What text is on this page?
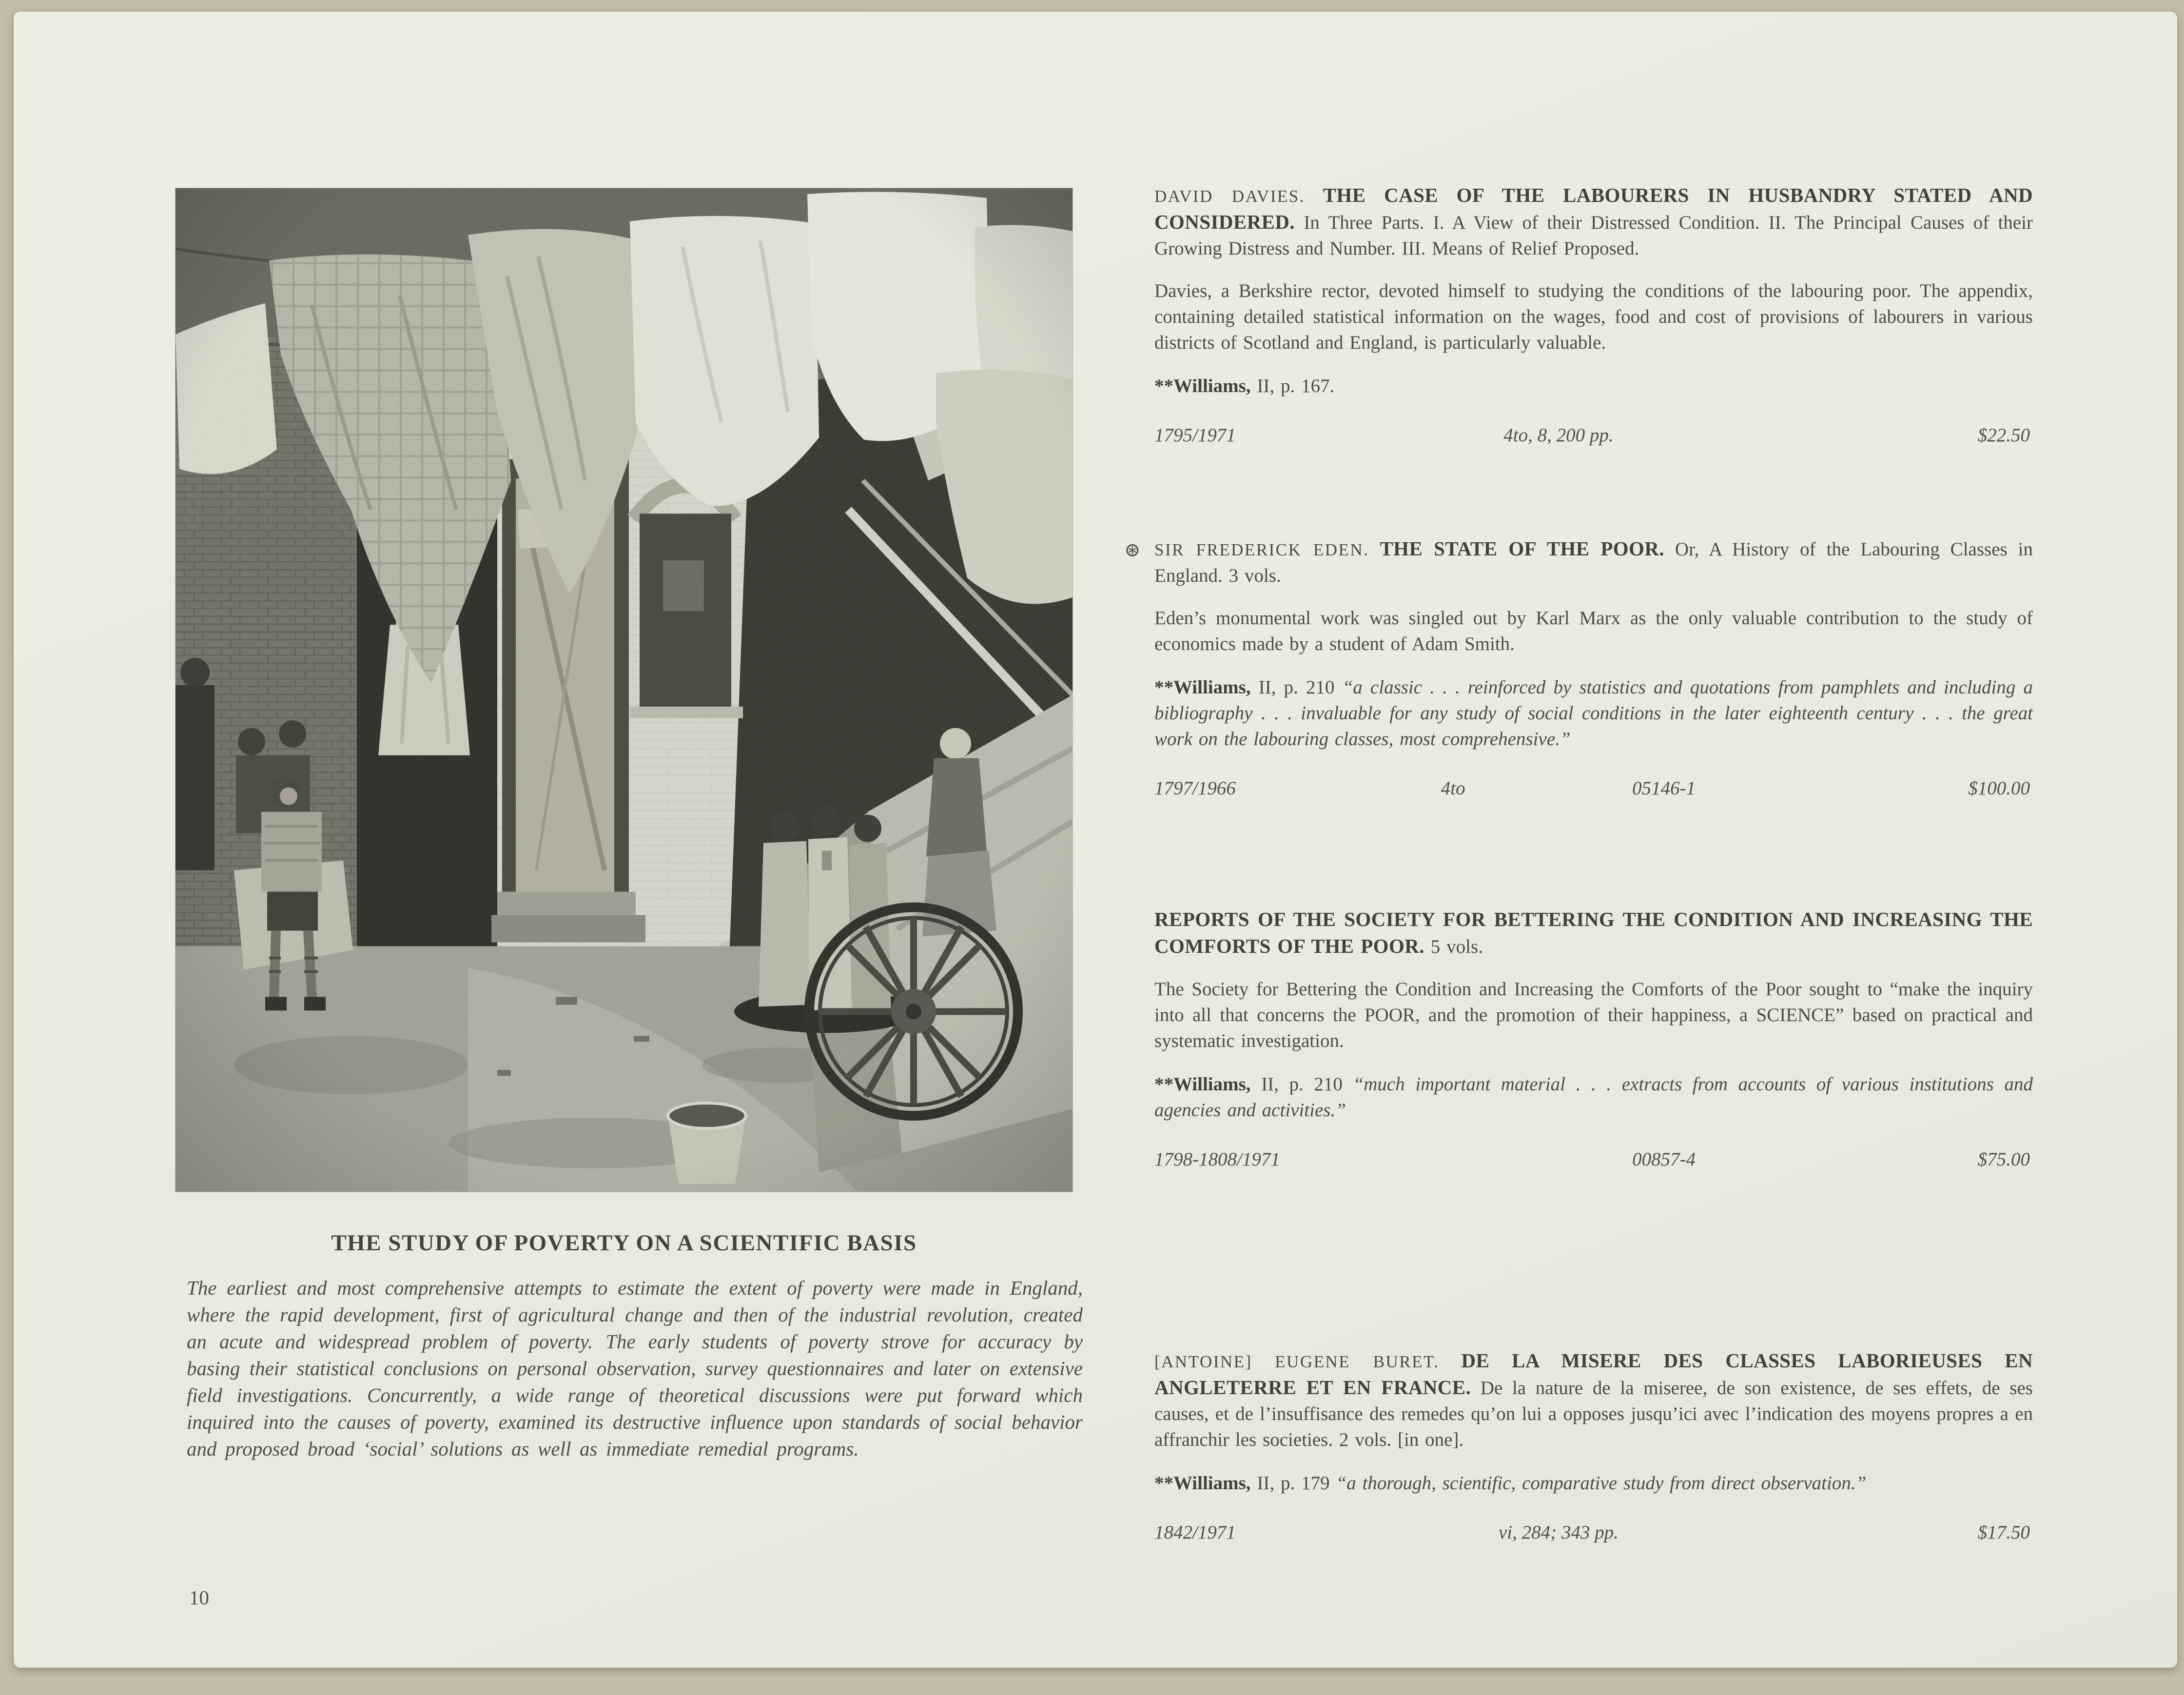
THE STUDY OF POVERTY ON A SCIENTIFIC BASIS
The earliest and most comprehensive attempts to estimate the extent of poverty were made in England, where the rapid development, first of agricultural change and then of the industrial revolution, created an acute and widespread problem of poverty. The early students of poverty strove for accuracy by basing their statistical conclusions on personal observation, survey questionnaires and later on extensive field investigations. Concurrently, a wide range of theoretical discussions were put forward which inquired into the causes of poverty, examined its destructive influence upon standards of social behavior and proposed broad ‘social’ solutions as well as immediate remedial programs.
10

DAVID DAVIES. THE CASE OF THE LABOURERS IN HUSBANDRY STATED AND CONSIDERED. In Three Parts. I. A View of their Distressed Condition. II. The Principal Causes of their Growing Distress and Number. III. Means of Relief Proposed.

Davies, a Berkshire rector, devoted himself to studying the conditions of the labouring poor. The appendix, containing detailed statistical information on the wages, food and cost of provisions of labourers in various districts of Scotland and England, is particularly valuable.

**Williams, II, p. 167.

1795/1971	4to, 8, 200 pp.	$22.50

⊛ SIR FREDERICK EDEN. THE STATE OF THE POOR. Or, A History of the Labouring Classes in England. 3 vols.

Eden’s monumental work was singled out by Karl Marx as the only valuable contribution to the study of economics made by a student of Adam Smith.

**Williams, II, p. 210 “a classic . . . reinforced by statistics and quotations from pamphlets and including a bibliography . . . invaluable for any study of social conditions in the later eighteenth century . . . the great work on the labouring classes, most comprehensive.”

1797/1966	4to	05146-1	$100.00

REPORTS OF THE SOCIETY FOR BETTERING THE CONDITION AND INCREASING THE COMFORTS OF THE POOR. 5 vols.

The Society for Bettering the Condition and Increasing the Comforts of the Poor sought to “make the inquiry into all that concerns the POOR, and the promotion of their happiness, a SCIENCE” based on practical and systematic investigation.

**Williams, II, p. 210 “much important material . . . extracts from accounts of various institutions and agencies and activities.”

1798-1808/1971	00857-4	$75.00

[ANTOINE] EUGENE BURET. DE LA MISERE DES CLASSES LABORIEUSES EN ANGLETERRE ET EN FRANCE. De la nature de la miseree, de son existence, de ses effets, de ses causes, et de l’insuffisance des remedes qu’on lui a opposes jusqu’ici avec l’indication des moyens propres a en affranchir les societies. 2 vols. [in one].

**Williams, II, p. 179 “a thorough, scientific, comparative study from direct observation.”

1842/1971	vi, 284; 343 pp.	$17.50
